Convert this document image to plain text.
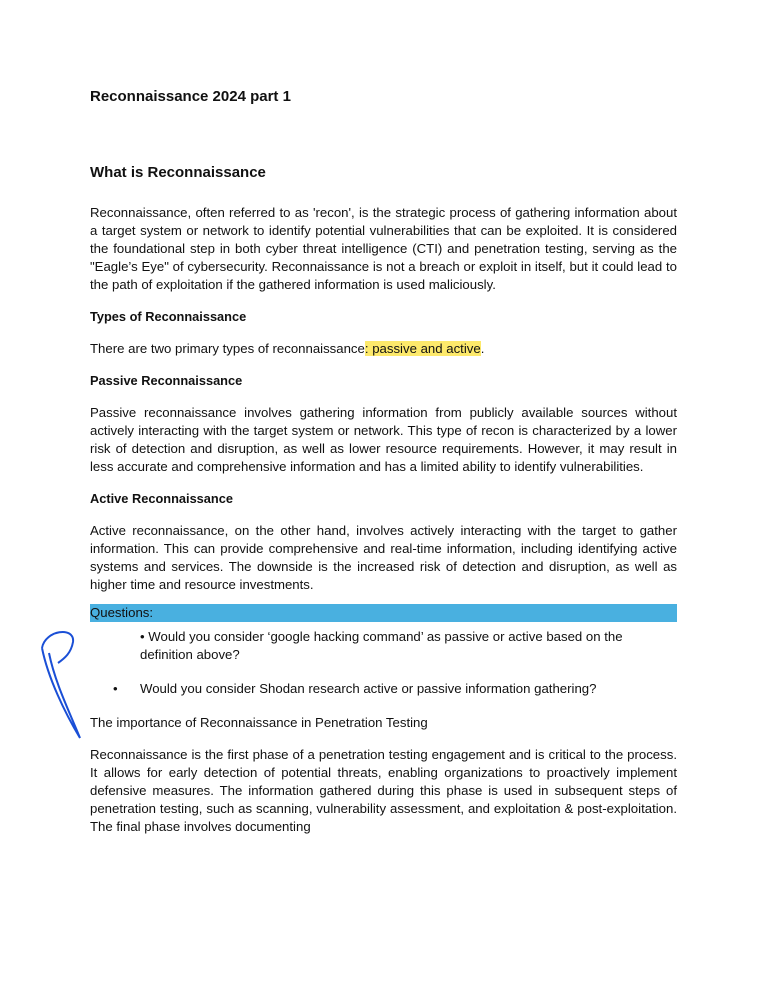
Reconnaissance 2024 part 1
What is Reconnaissance
Reconnaissance, often referred to as 'recon', is the strategic process of gathering information about a target system or network to identify potential vulnerabilities that can be exploited. It is considered the foundational step in both cyber threat intelligence (CTI) and penetration testing, serving as the "Eagle’s Eye" of cybersecurity. Reconnaissance is not a breach or exploit in itself, but it could lead to the path of exploitation if the gathered information is used maliciously.
Types of Reconnaissance
There are two primary types of reconnaissance: passive and active.
Passive Reconnaissance
Passive reconnaissance involves gathering information from publicly available sources without actively interacting with the target system or network. This type of recon is characterized by a lower risk of detection and disruption, as well as lower resource requirements. However, it may result in less accurate and comprehensive information and has a limited ability to identify vulnerabilities.
Active Reconnaissance
Active reconnaissance, on the other hand, involves actively interacting with the target to gather information. This can provide comprehensive and real-time information, including identifying active systems and services. The downside is the increased risk of detection and disruption, as well as higher time and resource investments.
Questions:
• Would you consider ‘google hacking command’ as passive or active based on the definition above?
•	Would you consider Shodan research active or passive information gathering?
The importance of Reconnaissance in Penetration Testing
Reconnaissance is the first phase of a penetration testing engagement and is critical to the process. It allows for early detection of potential threats, enabling organizations to proactively implement defensive measures. The information gathered during this phase is used in subsequent steps of penetration testing, such as scanning, vulnerability assessment, and exploitation & post-exploitation. The final phase involves documenting
